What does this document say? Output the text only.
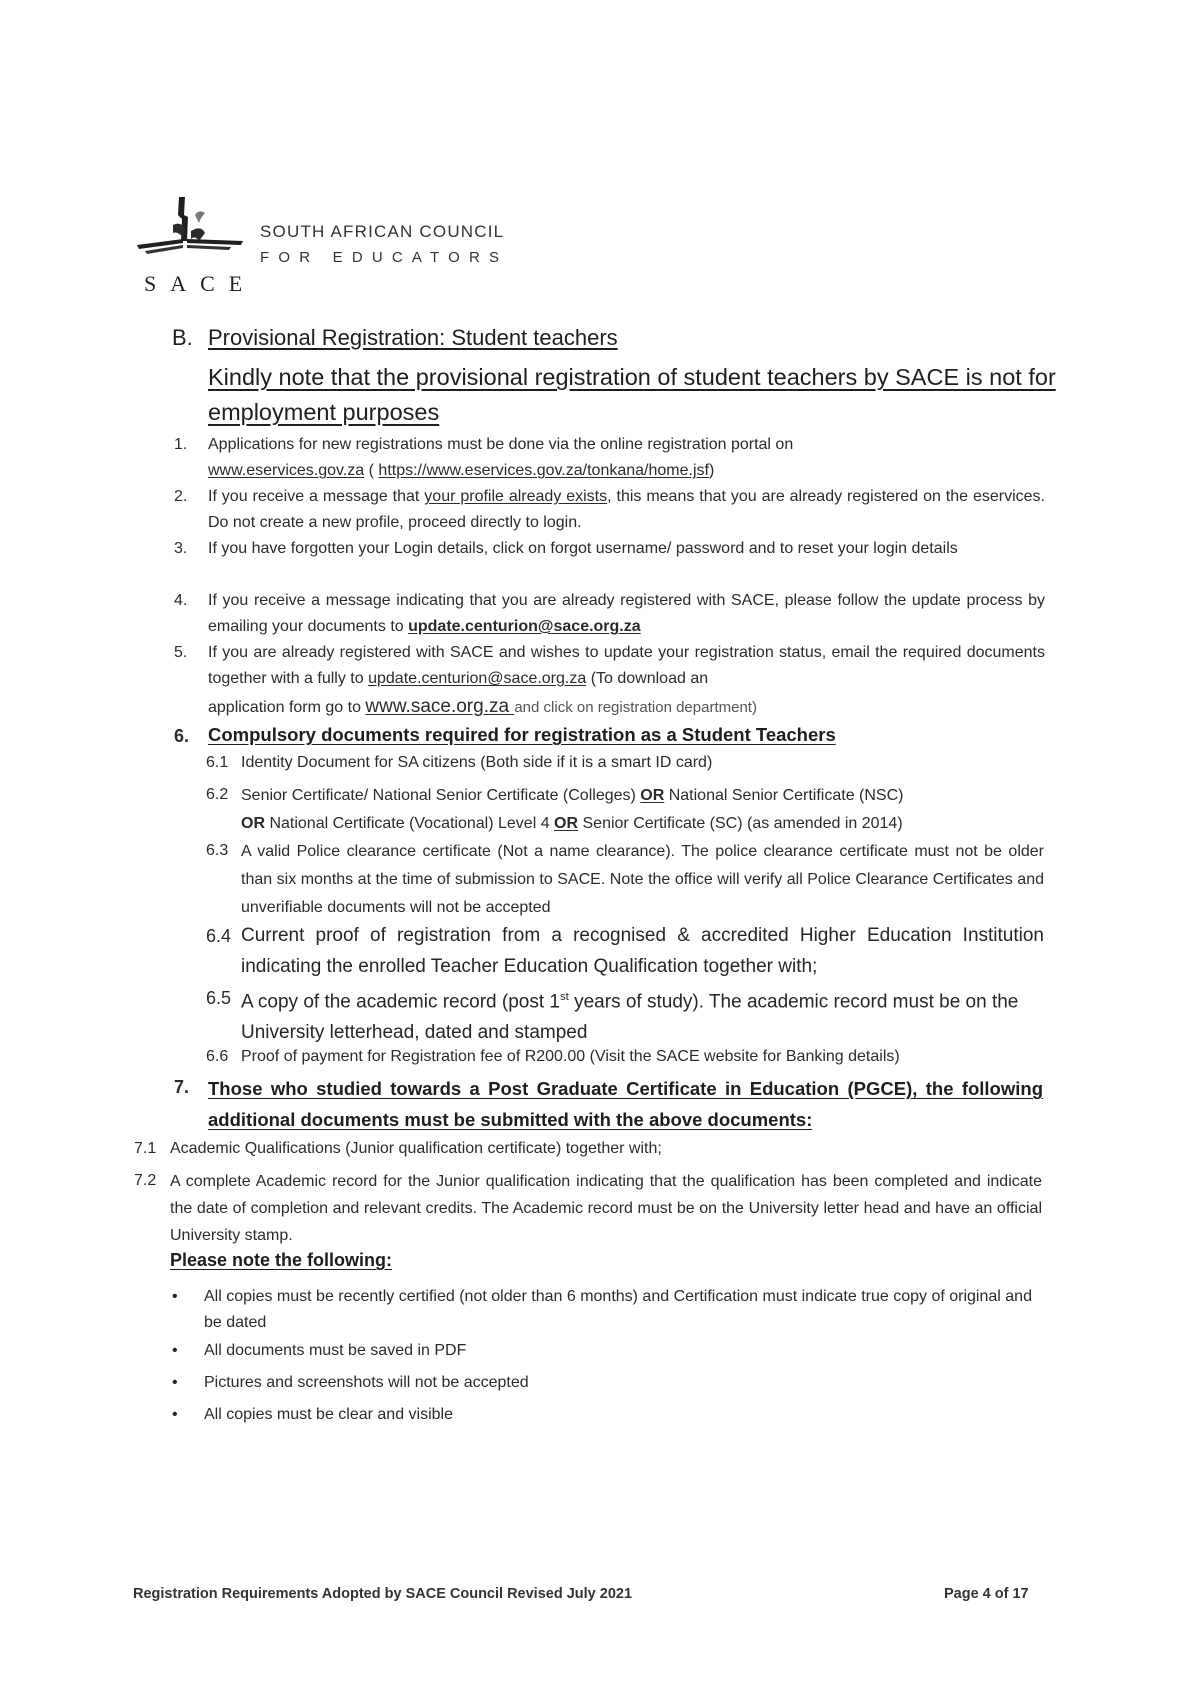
SACE
SOUTH AFRICAN COUNCIL
FOR EDUCATORS
B. Provisional Registration: Student teachers
Kindly note that the provisional registration of student teachers by SACE is not for employment purposes
1. Applications for new registrations must be done via the online registration portal on
www.eservices.gov.za ( https://www.eservices.gov.za/tonkana/home.jsf)
2. If you receive a message that your profile already exists, this means that you are already registered on the eservices. Do not create a new profile, proceed directly to login.
3. If you have forgotten your Login details, click on forgot username/ password and to reset your login details
4. If you receive a message indicating that you are already registered with SACE, please follow the update process by emailing your documents to update.centurion@sace.org.za
5. If you are already registered with SACE and wishes to update your registration status, email the required documents together with a fully to update.centurion@sace.org.za (To download an
application form go to www.sace.org.za and click on registration department)
6. Compulsory documents required for registration as a Student Teachers
6.1 Identity Document for SA citizens (Both side if it is a smart ID card)
6.2 Senior Certificate/ National Senior Certificate (Colleges) OR National Senior Certificate (NSC)
OR National Certificate (Vocational) Level 4 OR Senior Certificate (SC) (as amended in 2014)
6.3 A valid Police clearance certificate (Not a name clearance). The police clearance certificate must not be older than six months at the time of submission to SACE. Note the office will verify all Police Clearance Certificates and unverifiable documents will not be accepted
6.4 Current proof of registration from a recognised & accredited Higher Education Institution indicating the enrolled Teacher Education Qualification together with;
6.5 A copy of the academic record (post 1st years of study). The academic record must be on the University letterhead, dated and stamped
6.6 Proof of payment for Registration fee of R200.00 (Visit the SACE website for Banking details)
7. Those who studied towards a Post Graduate Certificate in Education (PGCE), the following additional documents must be submitted with the above documents:
7.1 Academic Qualifications (Junior qualification certificate) together with;
7.2 A complete Academic record for the Junior qualification indicating that the qualification has been completed and indicate the date of completion and relevant credits. The Academic record must be on the University letter head and have an official University stamp.
Please note the following:
• All copies must be recently certified (not older than 6 months) and Certification must indicate true copy of original and be dated
• All documents must be saved in PDF
• Pictures and screenshots will not be accepted
• All copies must be clear and visible
Registration Requirements Adopted by SACE Council Revised July 2021	Page 4 of 17
